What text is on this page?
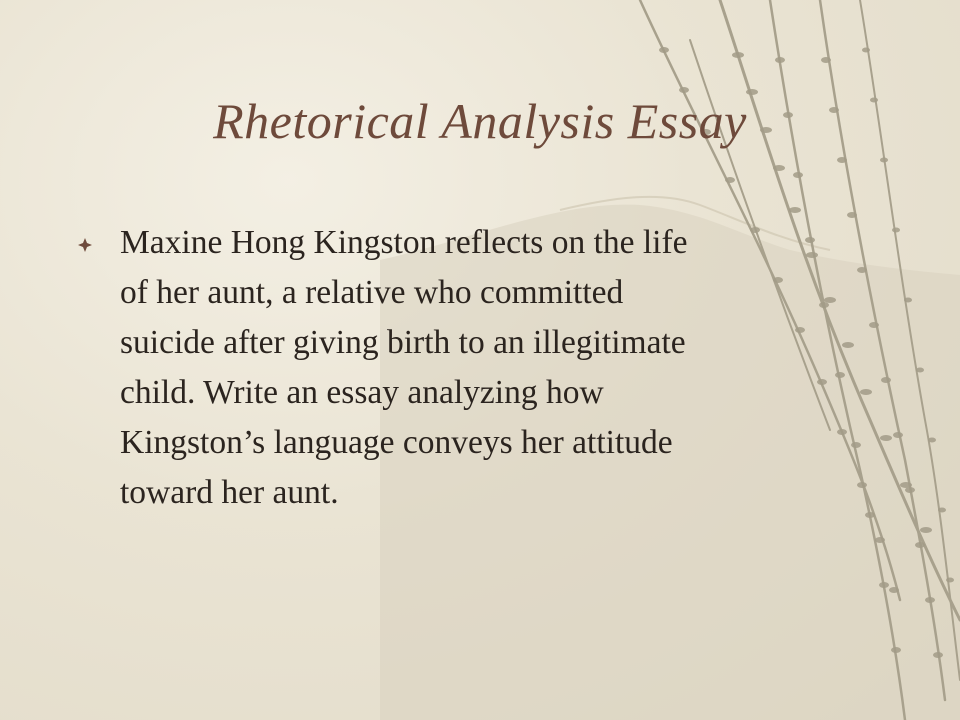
Rhetorical Analysis Essay
Maxine Hong Kingston reflects on the life
of her aunt, a relative who committed
suicide after giving birth to an illegitimate
child. Write an essay analyzing how
Kingston’s language conveys her attitude
toward her aunt.
